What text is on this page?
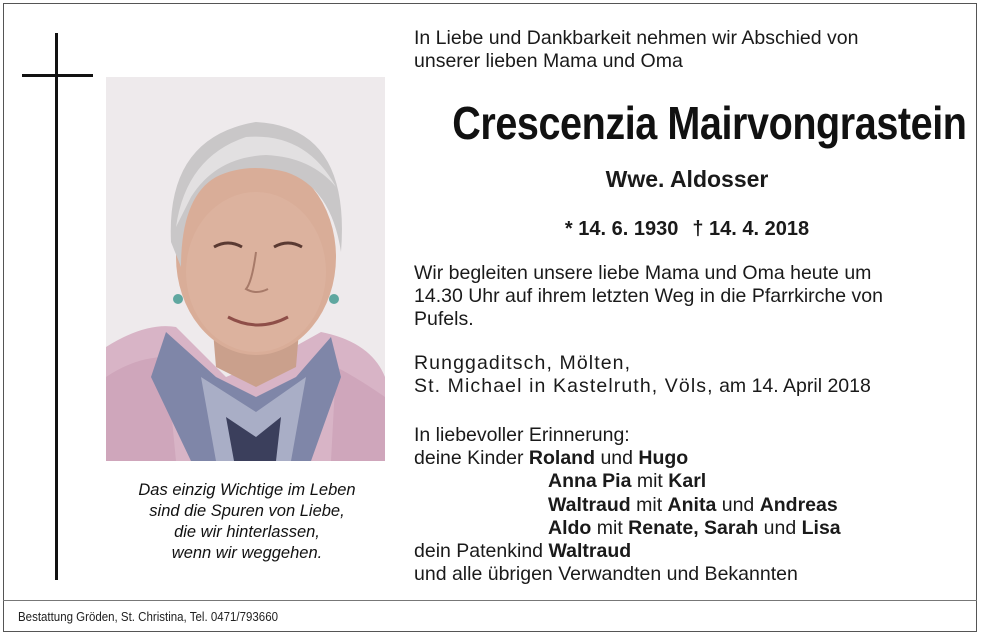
Das einzig Wichtige im Leben
sind die Spuren von Liebe,
die wir hinterlassen,
wenn wir weggehen.
In Liebe und Dankbarkeit nehmen wir Abschied von
unserer lieben Mama und Oma
Crescenzia Mairvongrastein
Wwe. Aldosser
* 14. 6. 1930 † 14. 4. 2018
Wir begleiten unsere liebe Mama und Oma heute um
14.30 Uhr auf ihrem letzten Weg in die Pfarrkirche von
Pufels.
Runggaditsch, Mölten,
St. Michael in Kastelruth, Völs, am 14. April 2018
In liebevoller Erinnerung:
deine Kinder Roland und Hugo
Anna Pia mit Karl
Waltraud mit Anita und Andreas
Aldo mit Renate, Sarah und Lisa
dein Patenkind Waltraud
und alle übrigen Verwandten und Bekannten
Bestattung Gröden, St. Christina, Tel. 0471/793660
